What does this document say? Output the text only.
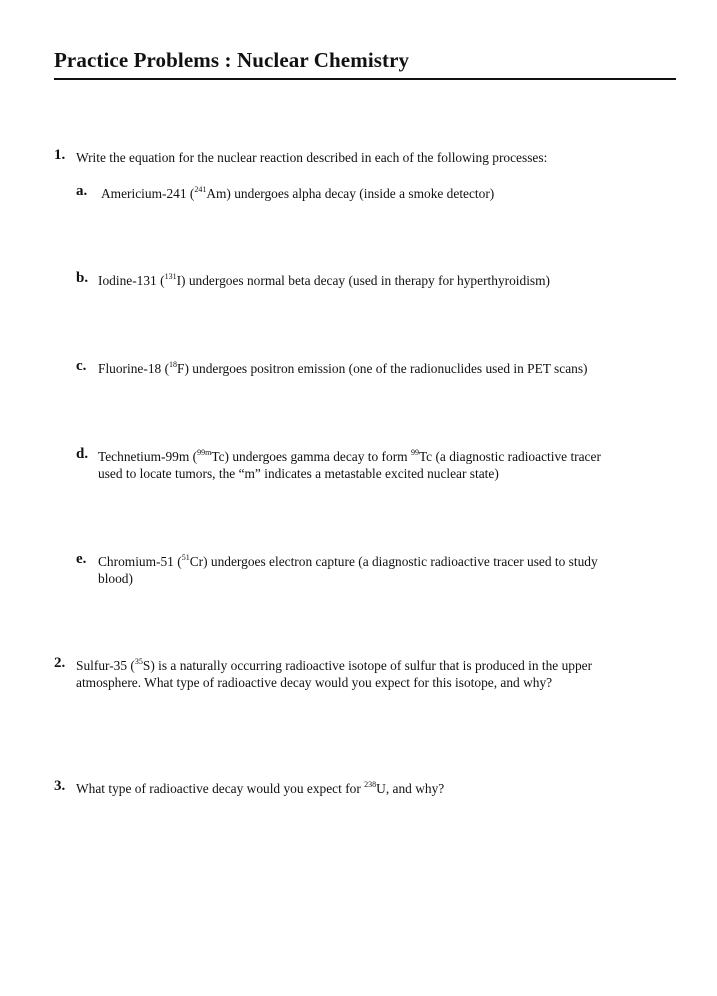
Practice Problems : Nuclear Chemistry
1. Write the equation for the nuclear reaction described in each of the following processes:
a. Americium-241 ($^{241}$Am) undergoes alpha decay (inside a smoke detector)
b. Iodine-131 ($^{131}$I) undergoes normal beta decay (used in therapy for hyperthyroidism)
c. Fluorine-18 ($^{18}$F) undergoes positron emission (one of the radionuclides used in PET scans)
d. Technetium-99m ($^{99m}$Tc) undergoes gamma decay to form $^{99}$Tc (a diagnostic radioactive tracer
used to locate tumors, the “m” indicates a metastable excited nuclear state)
e. Chromium-51 ($^{51}$Cr) undergoes electron capture (a diagnostic radioactive tracer used to study
blood)
2. Sulfur-35 ($^{35}$S) is a naturally occurring radioactive isotope of sulfur that is produced in the upper
atmosphere. What type of radioactive decay would you expect for this isotope, and why?
3. What type of radioactive decay would you expect for $^{238}$U, and why?
